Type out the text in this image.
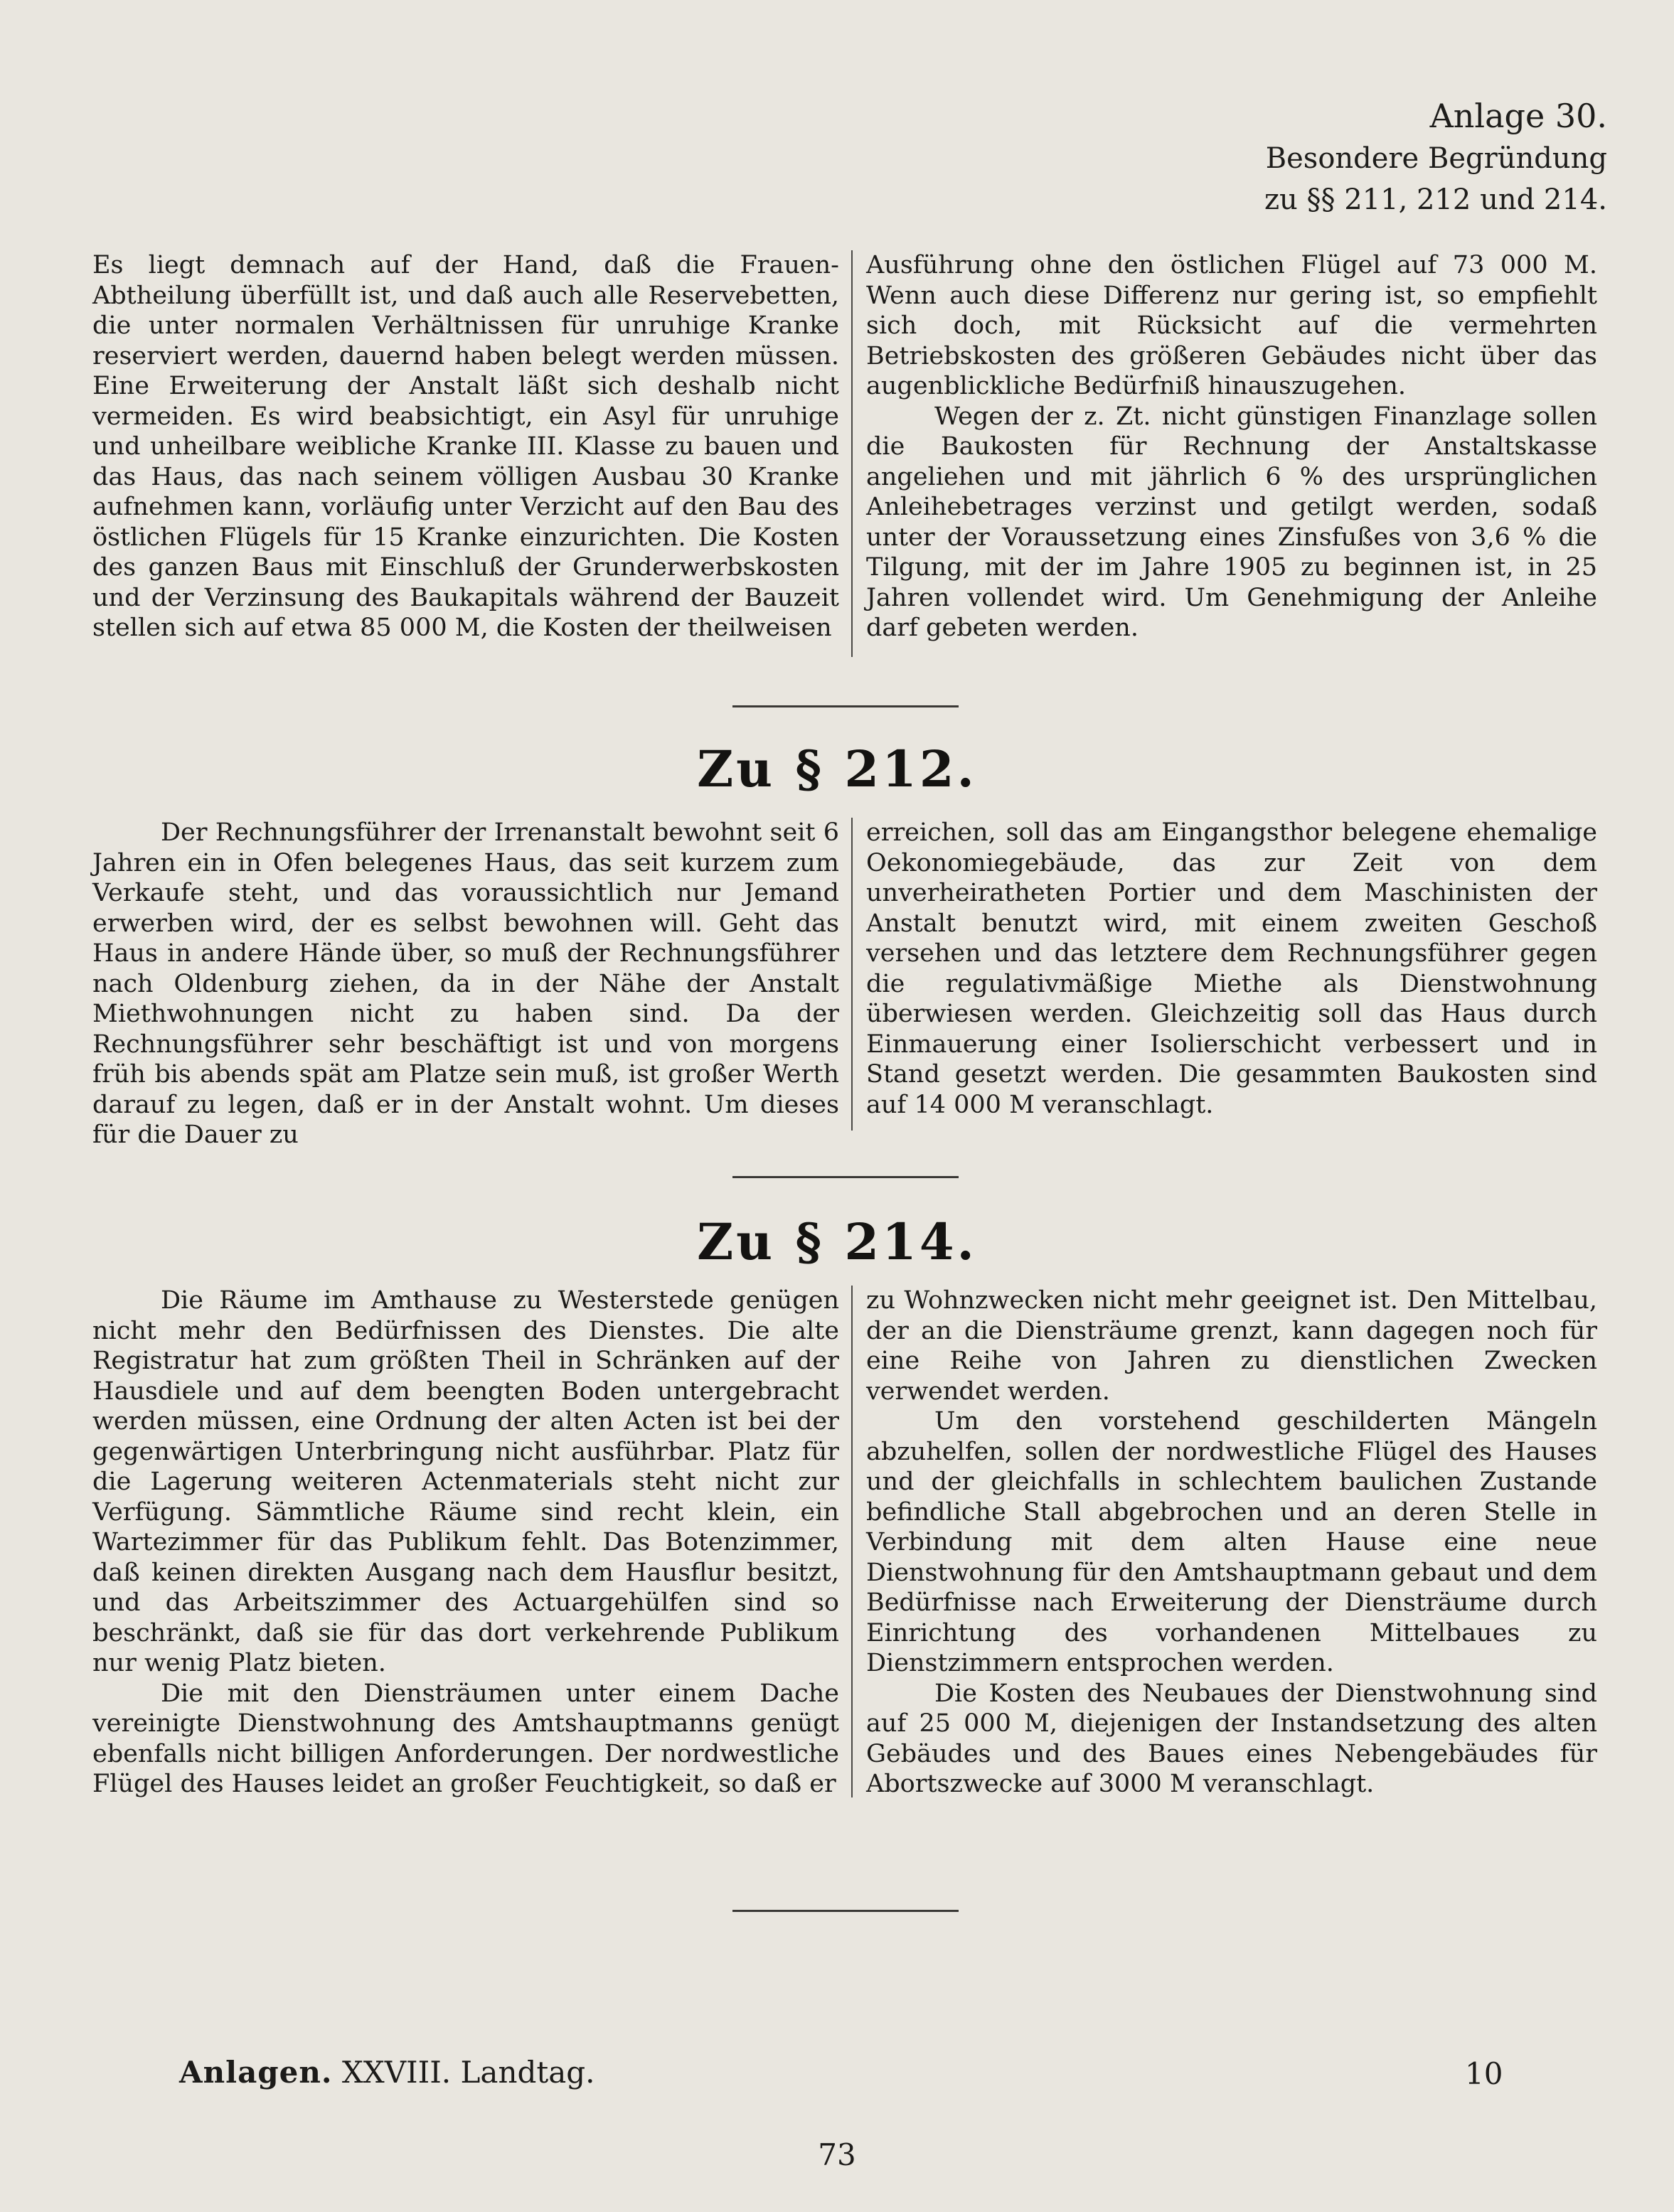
Anlage 30.
Besondere Begründung
zu §§ 211, 212 und 214.

Es liegt demnach auf der Hand, daß die Frauen-Abtheilung überfüllt ist, und daß auch alle Reservebetten, die unter normalen Verhältnissen für unruhige Kranke reserviert werden, dauernd haben belegt werden müssen. Eine Erweiterung der Anstalt läßt sich deshalb nicht vermeiden. Es wird beabsichtigt, ein Asyl für unruhige und unheilbare weibliche Kranke III. Klasse zu bauen und das Haus, das nach seinem völligen Ausbau 30 Kranke aufnehmen kann, vorläufig unter Verzicht auf den Bau des östlichen Flügels für 15 Kranke einzurichten. Die Kosten des ganzen Baus mit Einschluß der Grunderwerbskosten und der Verzinsung des Baukapitals während der Bauzeit stellen sich auf etwa 85 000 M, die Kosten der theilweisen

Ausführung ohne den östlichen Flügel auf 73 000 M. Wenn auch diese Differenz nur gering ist, so empfiehlt sich doch, mit Rücksicht auf die vermehrten Betriebskosten des größeren Gebäudes nicht über das augenblickliche Bedürfniß hinauszugehen.

Wegen der z. Zt. nicht günstigen Finanzlage sollen die Baukosten für Rechnung der Anstaltskasse angeliehen und mit jährlich 6 % des ursprünglichen Anleihebetrages verzinst und getilgt werden, sodaß unter der Voraussetzung eines Zinsfußes von 3,6 % die Tilgung, mit der im Jahre 1905 zu beginnen ist, in 25 Jahren vollendet wird. Um Genehmigung der Anleihe darf gebeten werden.

Zu § 212.

Der Rechnungsführer der Irrenanstalt bewohnt seit 6 Jahren ein in Ofen belegenes Haus, das seit kurzem zum Verkaufe steht, und das voraussichtlich nur Jemand erwerben wird, der es selbst bewohnen will. Geht das Haus in andere Hände über, so muß der Rechnungsführer nach Oldenburg ziehen, da in der Nähe der Anstalt Miethwohnungen nicht zu haben sind. Da der Rechnungsführer sehr beschäftigt ist und von morgens früh bis abends spät am Platze sein muß, ist großer Werth darauf zu legen, daß er in der Anstalt wohnt. Um dieses für die Dauer zu

erreichen, soll das am Eingangsthor belegene ehemalige Oekonomiegebäude, das zur Zeit von dem unverheiratheten Portier und dem Maschinisten der Anstalt benutzt wird, mit einem zweiten Geschoß versehen und das letztere dem Rechnungsführer gegen die regulativmäßige Miethe als Dienstwohnung überwiesen werden. Gleichzeitig soll das Haus durch Einmauerung einer Isolierschicht verbessert und in Stand gesetzt werden. Die gesammten Baukosten sind auf 14 000 M veranschlagt.

Zu § 214.

Die Räume im Amthause zu Westerstede genügen nicht mehr den Bedürfnissen des Dienstes. Die alte Registratur hat zum größten Theil in Schränken auf der Hausdiele und auf dem beengten Boden untergebracht werden müssen, eine Ordnung der alten Acten ist bei der gegenwärtigen Unterbringung nicht ausführbar. Platz für die Lagerung weiteren Actenmaterials steht nicht zur Verfügung. Sämmtliche Räume sind recht klein, ein Wartezimmer für das Publikum fehlt. Das Botenzimmer, daß keinen direkten Ausgang nach dem Hausflur besitzt, und das Arbeitszimmer des Actuargehülfen sind so beschränkt, daß sie für das dort verkehrende Publikum nur wenig Platz bieten.

Die mit den Diensträumen unter einem Dache vereinigte Dienstwohnung des Amtshauptmanns genügt ebenfalls nicht billigen Anforderungen. Der nordwestliche Flügel des Hauses leidet an großer Feuchtigkeit, so daß er

zu Wohnzwecken nicht mehr geeignet ist. Den Mittelbau, der an die Diensträume grenzt, kann dagegen noch für eine Reihe von Jahren zu dienstlichen Zwecken verwendet werden.

Um den vorstehend geschilderten Mängeln abzuhelfen, sollen der nordwestliche Flügel des Hauses und der gleichfalls in schlechtem baulichen Zustande befindliche Stall abgebrochen und an deren Stelle in Verbindung mit dem alten Hause eine neue Dienstwohnung für den Amtshauptmann gebaut und dem Bedürfnisse nach Erweiterung der Diensträume durch Einrichtung des vorhandenen Mittelbaues zu Dienstzimmern entsprochen werden.

Die Kosten des Neubaues der Dienstwohnung sind auf 25 000 M, diejenigen der Instandsetzung des alten Gebäudes und des Baues eines Nebengebäudes für Abortszwecke auf 3000 M veranschlagt.

Anlagen. XXVIII. Landtag.	10
73
